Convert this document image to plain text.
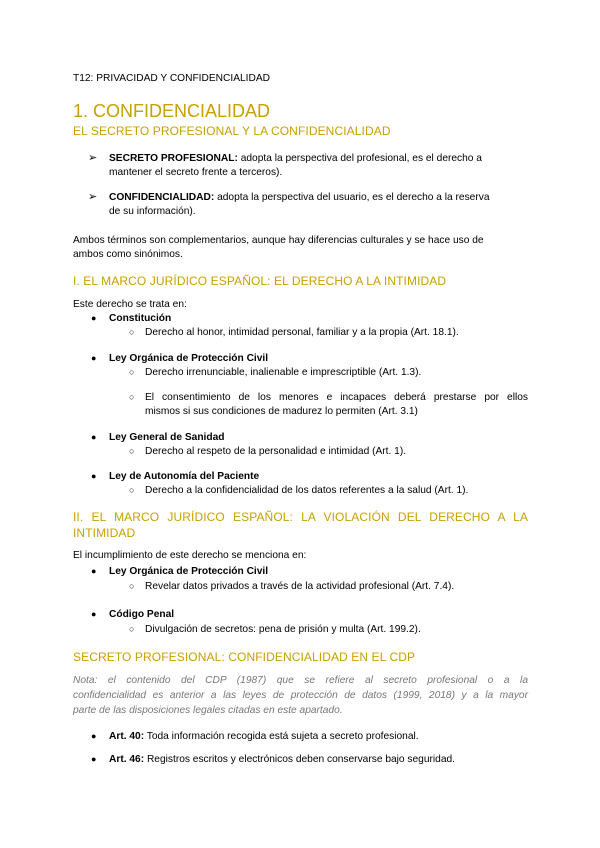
T12: PRIVACIDAD Y CONFIDENCIALIDAD
1. CONFIDENCIALIDAD
EL SECRETO PROFESIONAL Y LA CONFIDENCIALIDAD
➢ SECRETO PROFESIONAL: adopta la perspectiva del profesional, es el derecho a
mantener el secreto frente a terceros).
➢ CONFIDENCIALIDAD: adopta la perspectiva del usuario, es el derecho a la reserva
de su información).
Ambos términos son complementarios, aunque hay diferencias culturales y se hace uso de
ambos como sinónimos.
I. EL MARCO JURÍDICO ESPAÑOL: EL DERECHO A LA INTIMIDAD
Este derecho se trata en:
● Constitución
○ Derecho al honor, intimidad personal, familiar y a la propia (Art. 18.1).
● Ley Orgánica de Protección Civil
○ Derecho irrenunciable, inalienable e imprescriptible (Art. 1.3).
○ El consentimiento de los menores e incapaces deberá prestarse por ellos
mismos si sus condiciones de madurez lo permiten (Art. 3.1)
● Ley General de Sanidad
○ Derecho al respeto de la personalidad e intimidad (Art. 1).
● Ley de Autonomía del Paciente
○ Derecho a la confidencialidad de los datos referentes a la salud (Art. 1).
II. EL MARCO JURÍDICO ESPAÑOL: LA VIOLACIÓN DEL DERECHO A LA
INTIMIDAD
El incumplimiento de este derecho se menciona en:
● Ley Orgánica de Protección Civil
○ Revelar datos privados a través de la actividad profesional (Art. 7.4).
● Código Penal
○ Divulgación de secretos: pena de prisión y multa (Art. 199.2).
SECRETO PROFESIONAL: CONFIDENCIALIDAD EN EL CDP
Nota: el contenido del CDP (1987) que se refiere al secreto profesional o a la
confidencialidad es anterior a las leyes de protección de datos (1999, 2018) y a la mayor
parte de las disposiciones legales citadas en este apartado.
● Art. 40: Toda información recogida está sujeta a secreto profesional.
● Art. 46: Registros escritos y electrónicos deben conservarse bajo seguridad.
